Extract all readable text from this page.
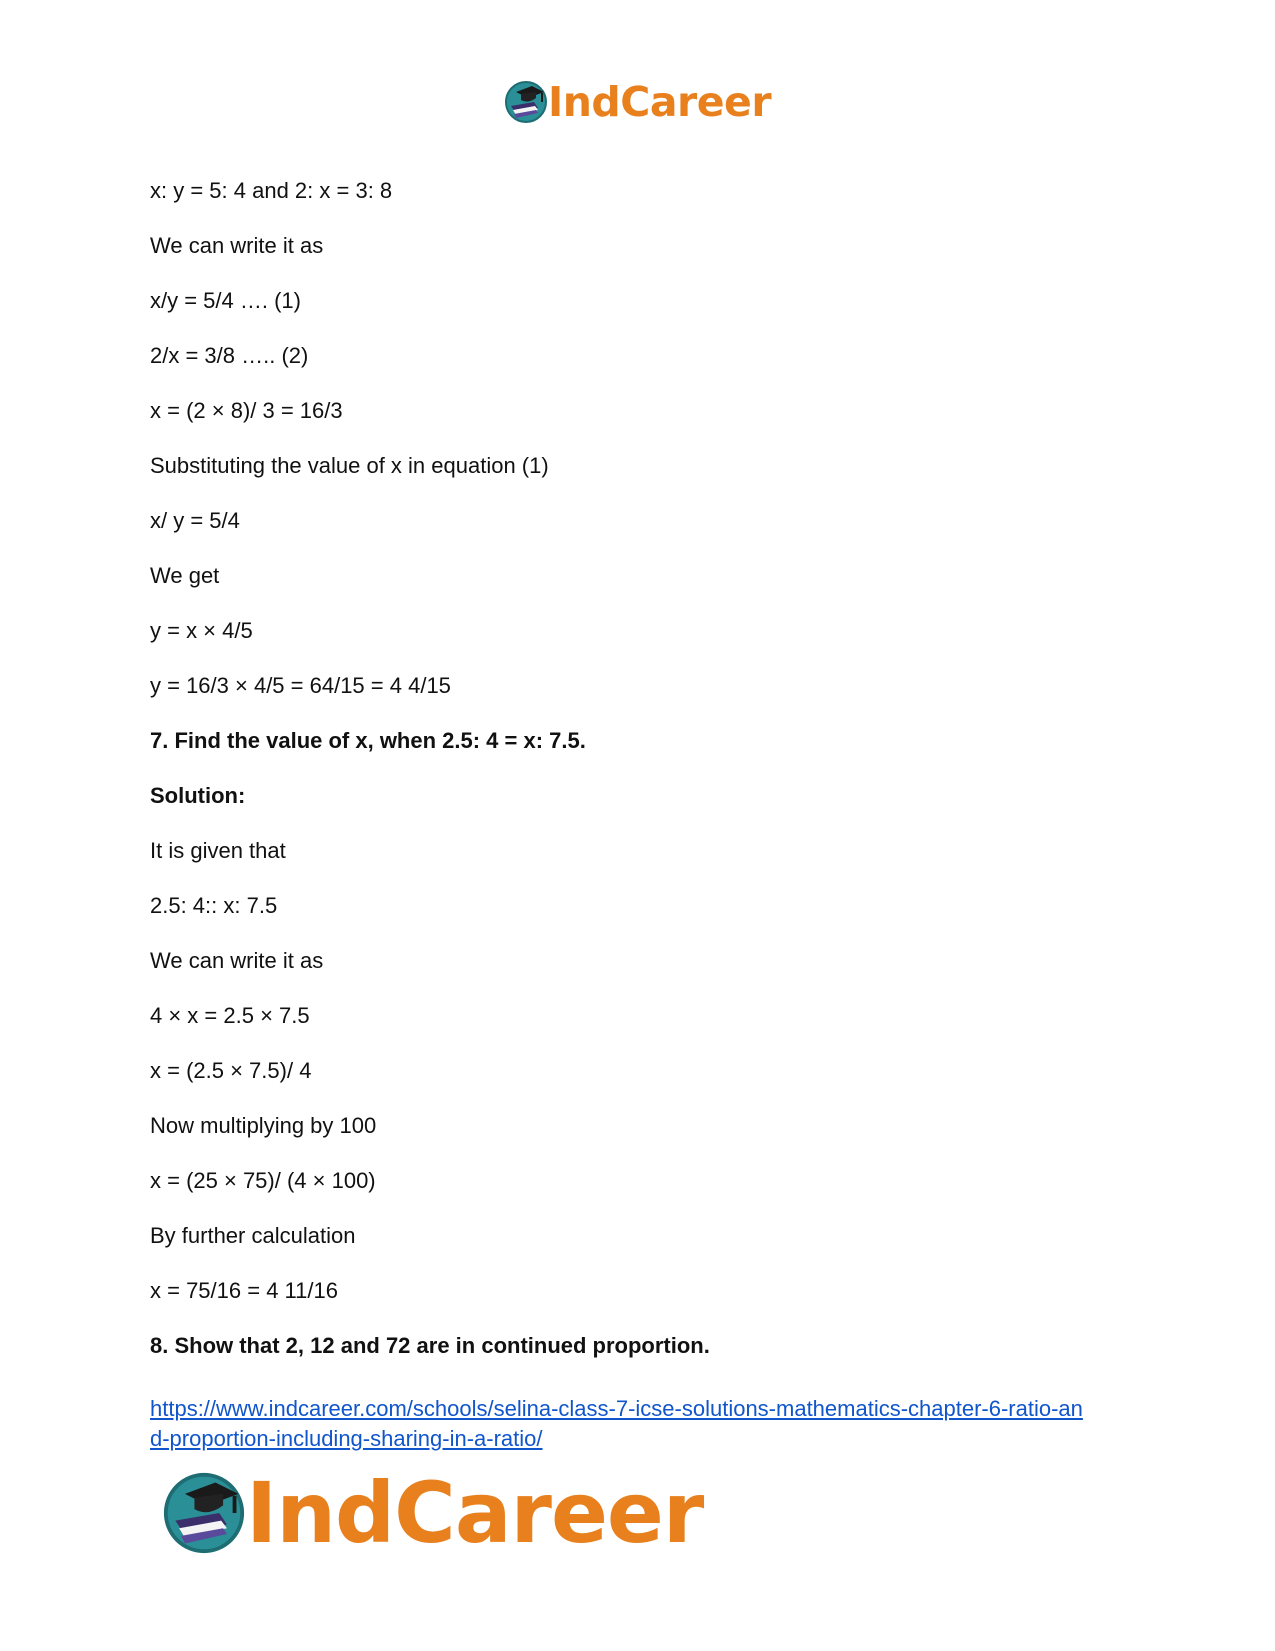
IndCareer
x: y = 5: 4 and 2: x = 3: 8
We can write it as
x/y = 5/4 …. (1)
2/x = 3/8 ….. (2)
x = (2 × 8)/ 3 = 16/3
Substituting the value of x in equation (1)
x/ y = 5/4
We get
y = x × 4/5
y = 16/3 × 4/5 = 64/15 = 4 4/15
7. Find the value of x, when 2.5: 4 = x: 7.5.
Solution:
It is given that
2.5: 4:: x: 7.5
We can write it as
4 × x = 2.5 × 7.5
x = (2.5 × 7.5)/ 4
Now multiplying by 100
x = (25 × 75)/ (4 × 100)
By further calculation
x = 75/16 = 4 11/16
8. Show that 2, 12 and 72 are in continued proportion.
https://www.indcareer.com/schools/selina-class-7-icse-solutions-mathematics-chapter-6-ratio-an
d-proportion-including-sharing-in-a-ratio/
IndCareer
